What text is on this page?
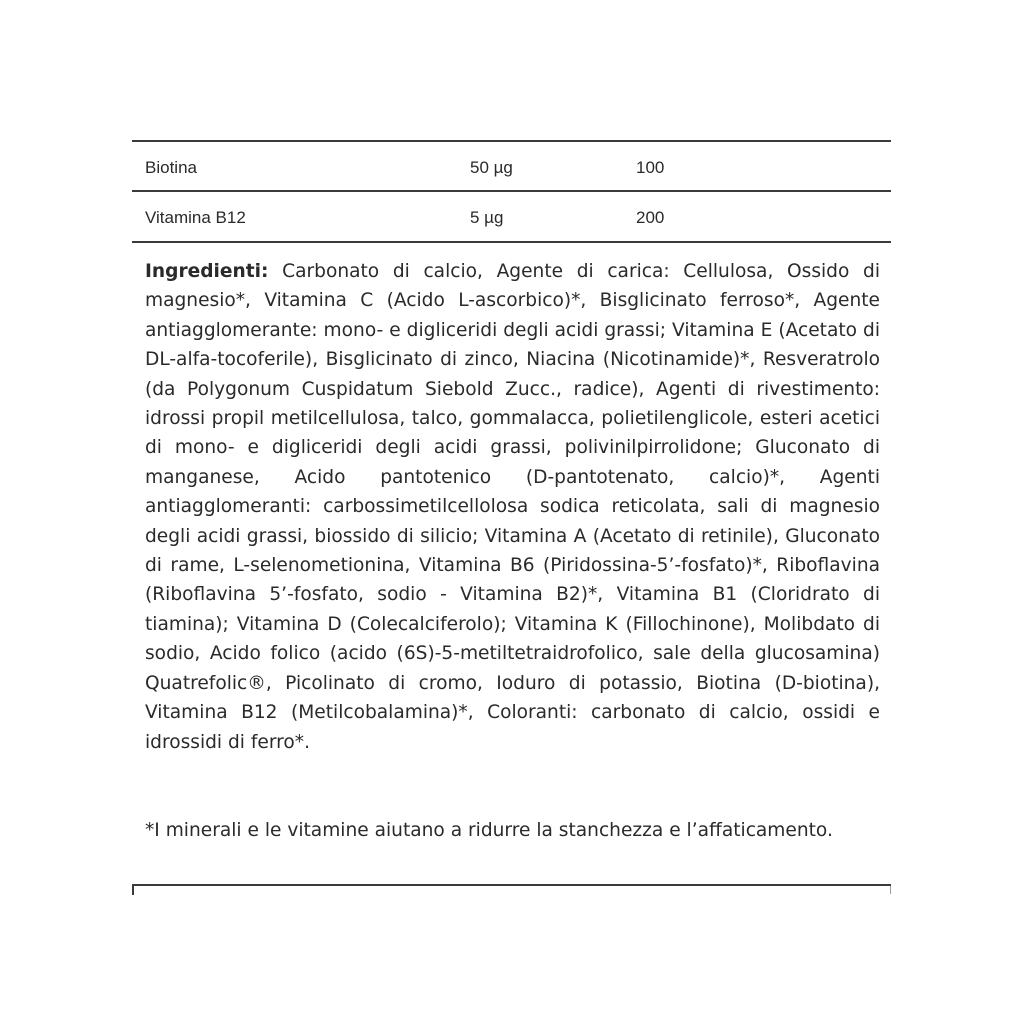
Biotina	50 µg	100
Vitamina B12	5 µg	200

Ingredienti: Carbonato di calcio, Agente di carica: Cellulosa, Ossido di magnesio*, Vitamina C (Acido L-ascorbico)*, Bisglicinato ferroso*, Agente antiagglomerante: mono- e digliceridi degli acidi grassi; Vitamina E (Acetato di DL-alfa-tocoferile), Bisglicinato di zinco, Niacina (Nicotinamide)*, Resveratrolo (da Polygonum Cuspidatum Siebold Zucc., radice), Agenti di rivestimento: idrossi propil metilcellulosa, talco, gommalacca, polietilenglicole, esteri acetici di mono- e digliceridi degli acidi grassi, polivinilpirrolidone; Gluconato di manganese, Acido pantotenico (D-pantotenato, calcio)*, Agenti antiagglomeranti: carbossimetilcellolosa sodica reticolata, sali di magnesio degli acidi grassi, biossido di silicio; Vitamina A (Acetato di retinile), Gluconato di rame, L-selenometionina, Vitamina B6 (Piridossina-5’-fosfato)*, Riboflavina (Riboflavina 5’-fosfato, sodio - Vitamina B2)*, Vitamina B1 (Cloridrato di tiamina); Vitamina D (Colecalciferolo); Vitamina K (Fillochinone), Molibdato di sodio, Acido folico (acido (6S)-5-metiltetraidrofolico, sale della glucosamina) Quatrefolic®, Picolinato di cromo, Ioduro di potassio, Biotina (D-biotina), Vitamina B12 (Metilcobalamina)*, Coloranti: carbonato di calcio, ossidi e idrossidi di ferro*.

*I minerali e le vitamine aiutano a ridurre la stanchezza e l’affaticamento.
